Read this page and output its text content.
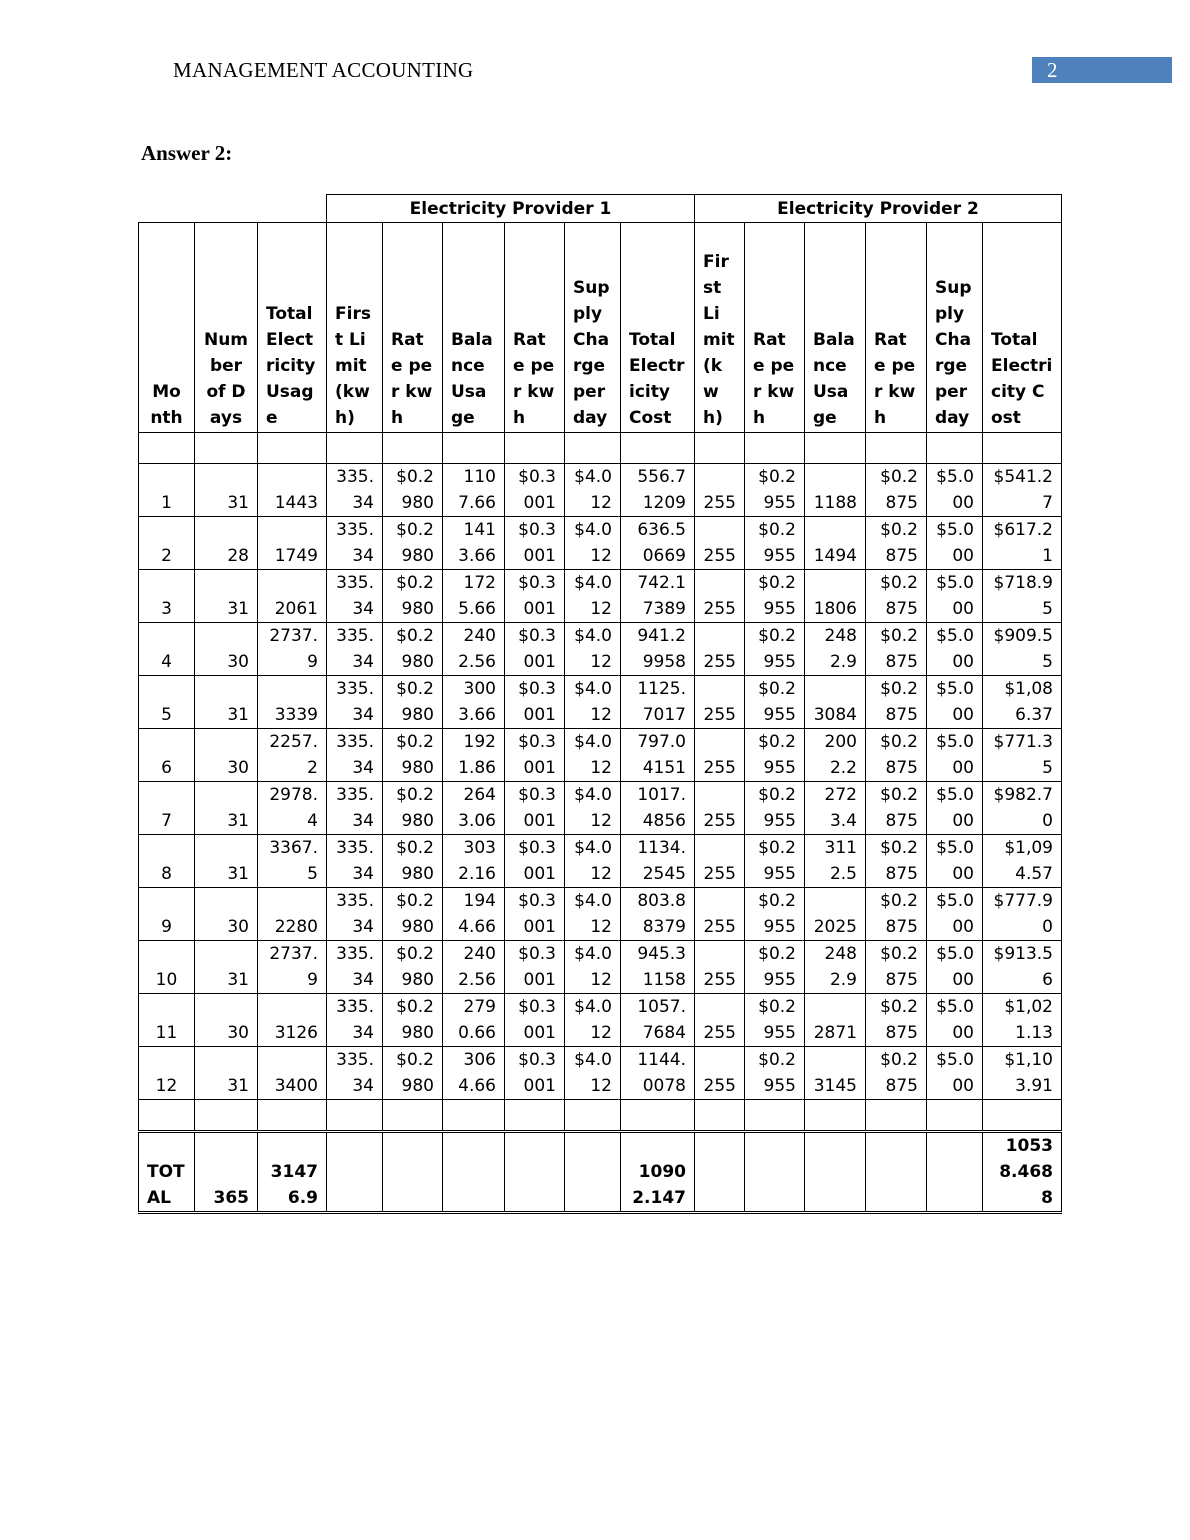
MANAGEMENT ACCOUNTING	2
Answer 2:
			Electricity Provider 1						Electricity Provider 2					
Month	Number of Days	Total Electricity Usage	First Limit (kwh)	Rate per kwh	Balance Usage	Rate per kwh	Supply Charge per day	Total Electricity Cost	First Limit (kwh)	Rate per kwh	Balance Usage	Rate per kwh	Supply Charge per day	Total Electricity Cost

1	31	1443	335.34	$0.2980	1107.66	$0.3001	$4.012	556.71209	255	$0.2955	1188	$0.2875	$5.000	$541.27
2	28	1749	335.34	$0.2980	1413.66	$0.3001	$4.012	636.50669	255	$0.2955	1494	$0.2875	$5.000	$617.21
3	31	2061	335.34	$0.2980	1725.66	$0.3001	$4.012	742.17389	255	$0.2955	1806	$0.2875	$5.000	$718.95
4	30	2737.9	335.34	$0.2980	2402.56	$0.3001	$4.012	941.29958	255	$0.2955	2482.9	$0.2875	$5.000	$909.55
5	31	3339	335.34	$0.2980	3003.66	$0.3001	$4.012	1125.7017	255	$0.2955	3084	$0.2875	$5.000	$1,086.37
6	30	2257.2	335.34	$0.2980	1921.86	$0.3001	$4.012	797.04151	255	$0.2955	2002.2	$0.2875	$5.000	$771.35
7	31	2978.4	335.34	$0.2980	2643.06	$0.3001	$4.012	1017.4856	255	$0.2955	2723.4	$0.2875	$5.000	$982.70
8	31	3367.5	335.34	$0.2980	3032.16	$0.3001	$4.012	1134.2545	255	$0.2955	3112.5	$0.2875	$5.000	$1,094.57
9	30	2280	335.34	$0.2980	1944.66	$0.3001	$4.012	803.88379	255	$0.2955	2025	$0.2875	$5.000	$777.90
10	31	2737.9	335.34	$0.2980	2402.56	$0.3001	$4.012	945.31158	255	$0.2955	2482.9	$0.2875	$5.000	$913.56
11	30	3126	335.34	$0.2980	2790.66	$0.3001	$4.012	1057.7684	255	$0.2955	2871	$0.2875	$5.000	$1,021.13
12	31	3400	335.34	$0.2980	3064.66	$0.3001	$4.012	1144.0078	255	$0.2955	3145	$0.2875	$5.000	$1,103.91

TOTAL	365	31476.9						10902.147						10538.4688
